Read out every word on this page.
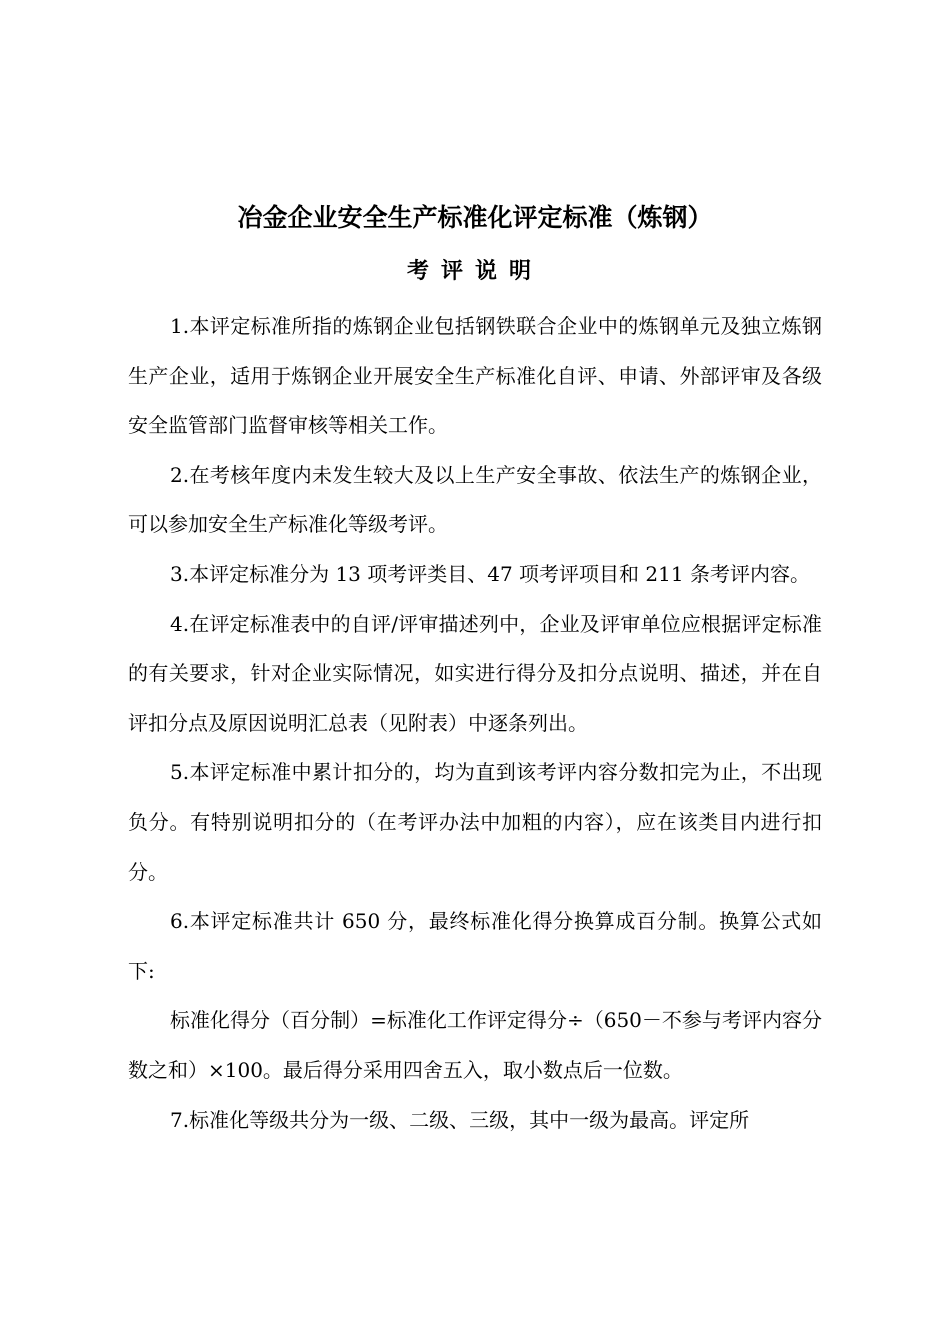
冶金企业安全生产标准化评定标准（炼钢）
考评说明

1.本评定标准所指的炼钢企业包括钢铁联合企业中的炼钢单元及独立炼钢生产企业，适用于炼钢企业开展安全生产标准化自评、申请、外部评审及各级安全监管部门监督审核等相关工作。

2.在考核年度内未发生较大及以上生产安全事故、依法生产的炼钢企业，可以参加安全生产标准化等级考评。

3.本评定标准分为 13 项考评类目、47 项考评项目和 211 条考评内容。

4.在评定标准表中的自评/评审描述列中，企业及评审单位应根据评定标准的有关要求，针对企业实际情况，如实进行得分及扣分点说明、描述，并在自评扣分点及原因说明汇总表（见附表）中逐条列出。

5.本评定标准中累计扣分的，均为直到该考评内容分数扣完为止，不出现负分。有特别说明扣分的（在考评办法中加粗的内容），应在该类目内进行扣分。

6.本评定标准共计 650 分，最终标准化得分换算成百分制。换算公式如下:

标准化得分（百分制）=标准化工作评定得分÷（650－不参与考评内容分数之和）×100。最后得分采用四舍五入，取小数点后一位数。

7.标准化等级共分为一级、二级、三级，其中一级为最高。评定所
